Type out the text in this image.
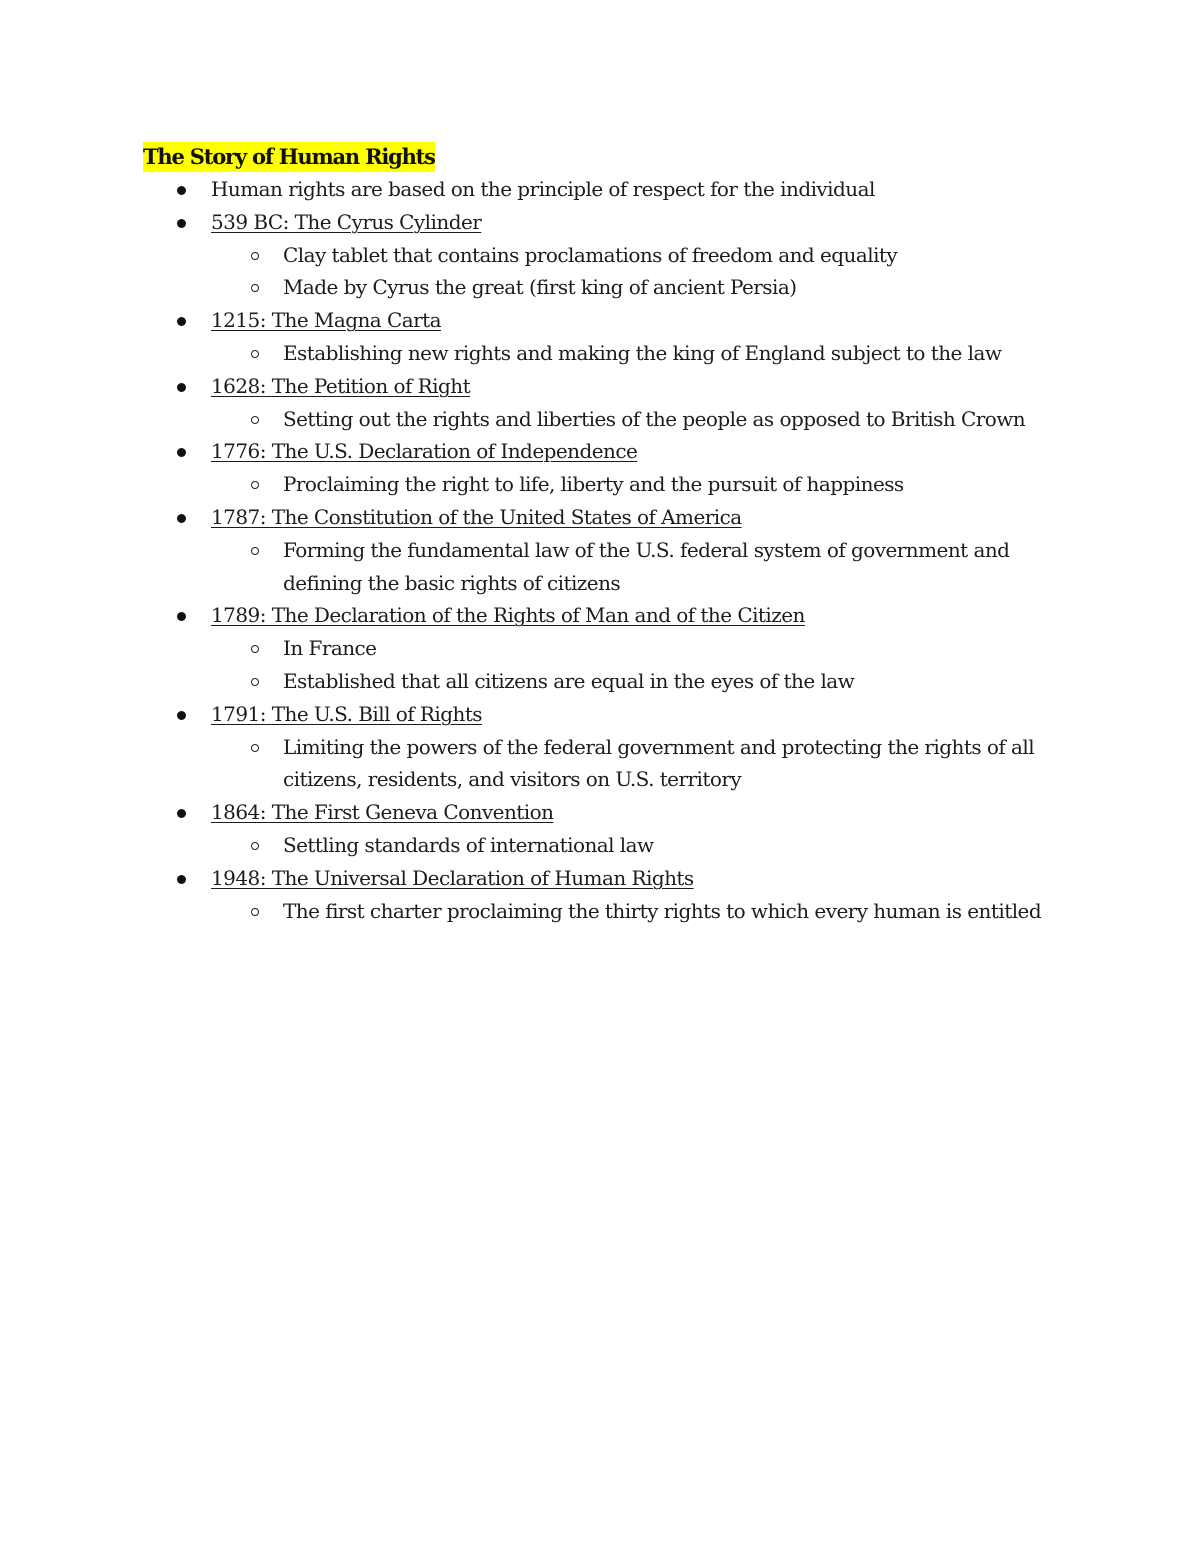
The Story of Human Rights
Human rights are based on the principle of respect for the individual
539 BC: The Cyrus Cylinder
Clay tablet that contains proclamations of freedom and equality
Made by Cyrus the great (first king of ancient Persia)
1215: The Magna Carta
Establishing new rights and making the king of England subject to the law
1628: The Petition of Right
Setting out the rights and liberties of the people as opposed to British Crown
1776: The U.S. Declaration of Independence
Proclaiming the right to life, liberty and the pursuit of happiness
1787: The Constitution of the United States of America
Forming the fundamental law of the U.S. federal system of government and
defining the basic rights of citizens
1789: The Declaration of the Rights of Man and of the Citizen
In France
Established that all citizens are equal in the eyes of the law
1791: The U.S. Bill of Rights
Limiting the powers of the federal government and protecting the rights of all
citizens, residents, and visitors on U.S. territory
1864: The First Geneva Convention
Settling standards of international law
1948: The Universal Declaration of Human Rights
The first charter proclaiming the thirty rights to which every human is entitled
